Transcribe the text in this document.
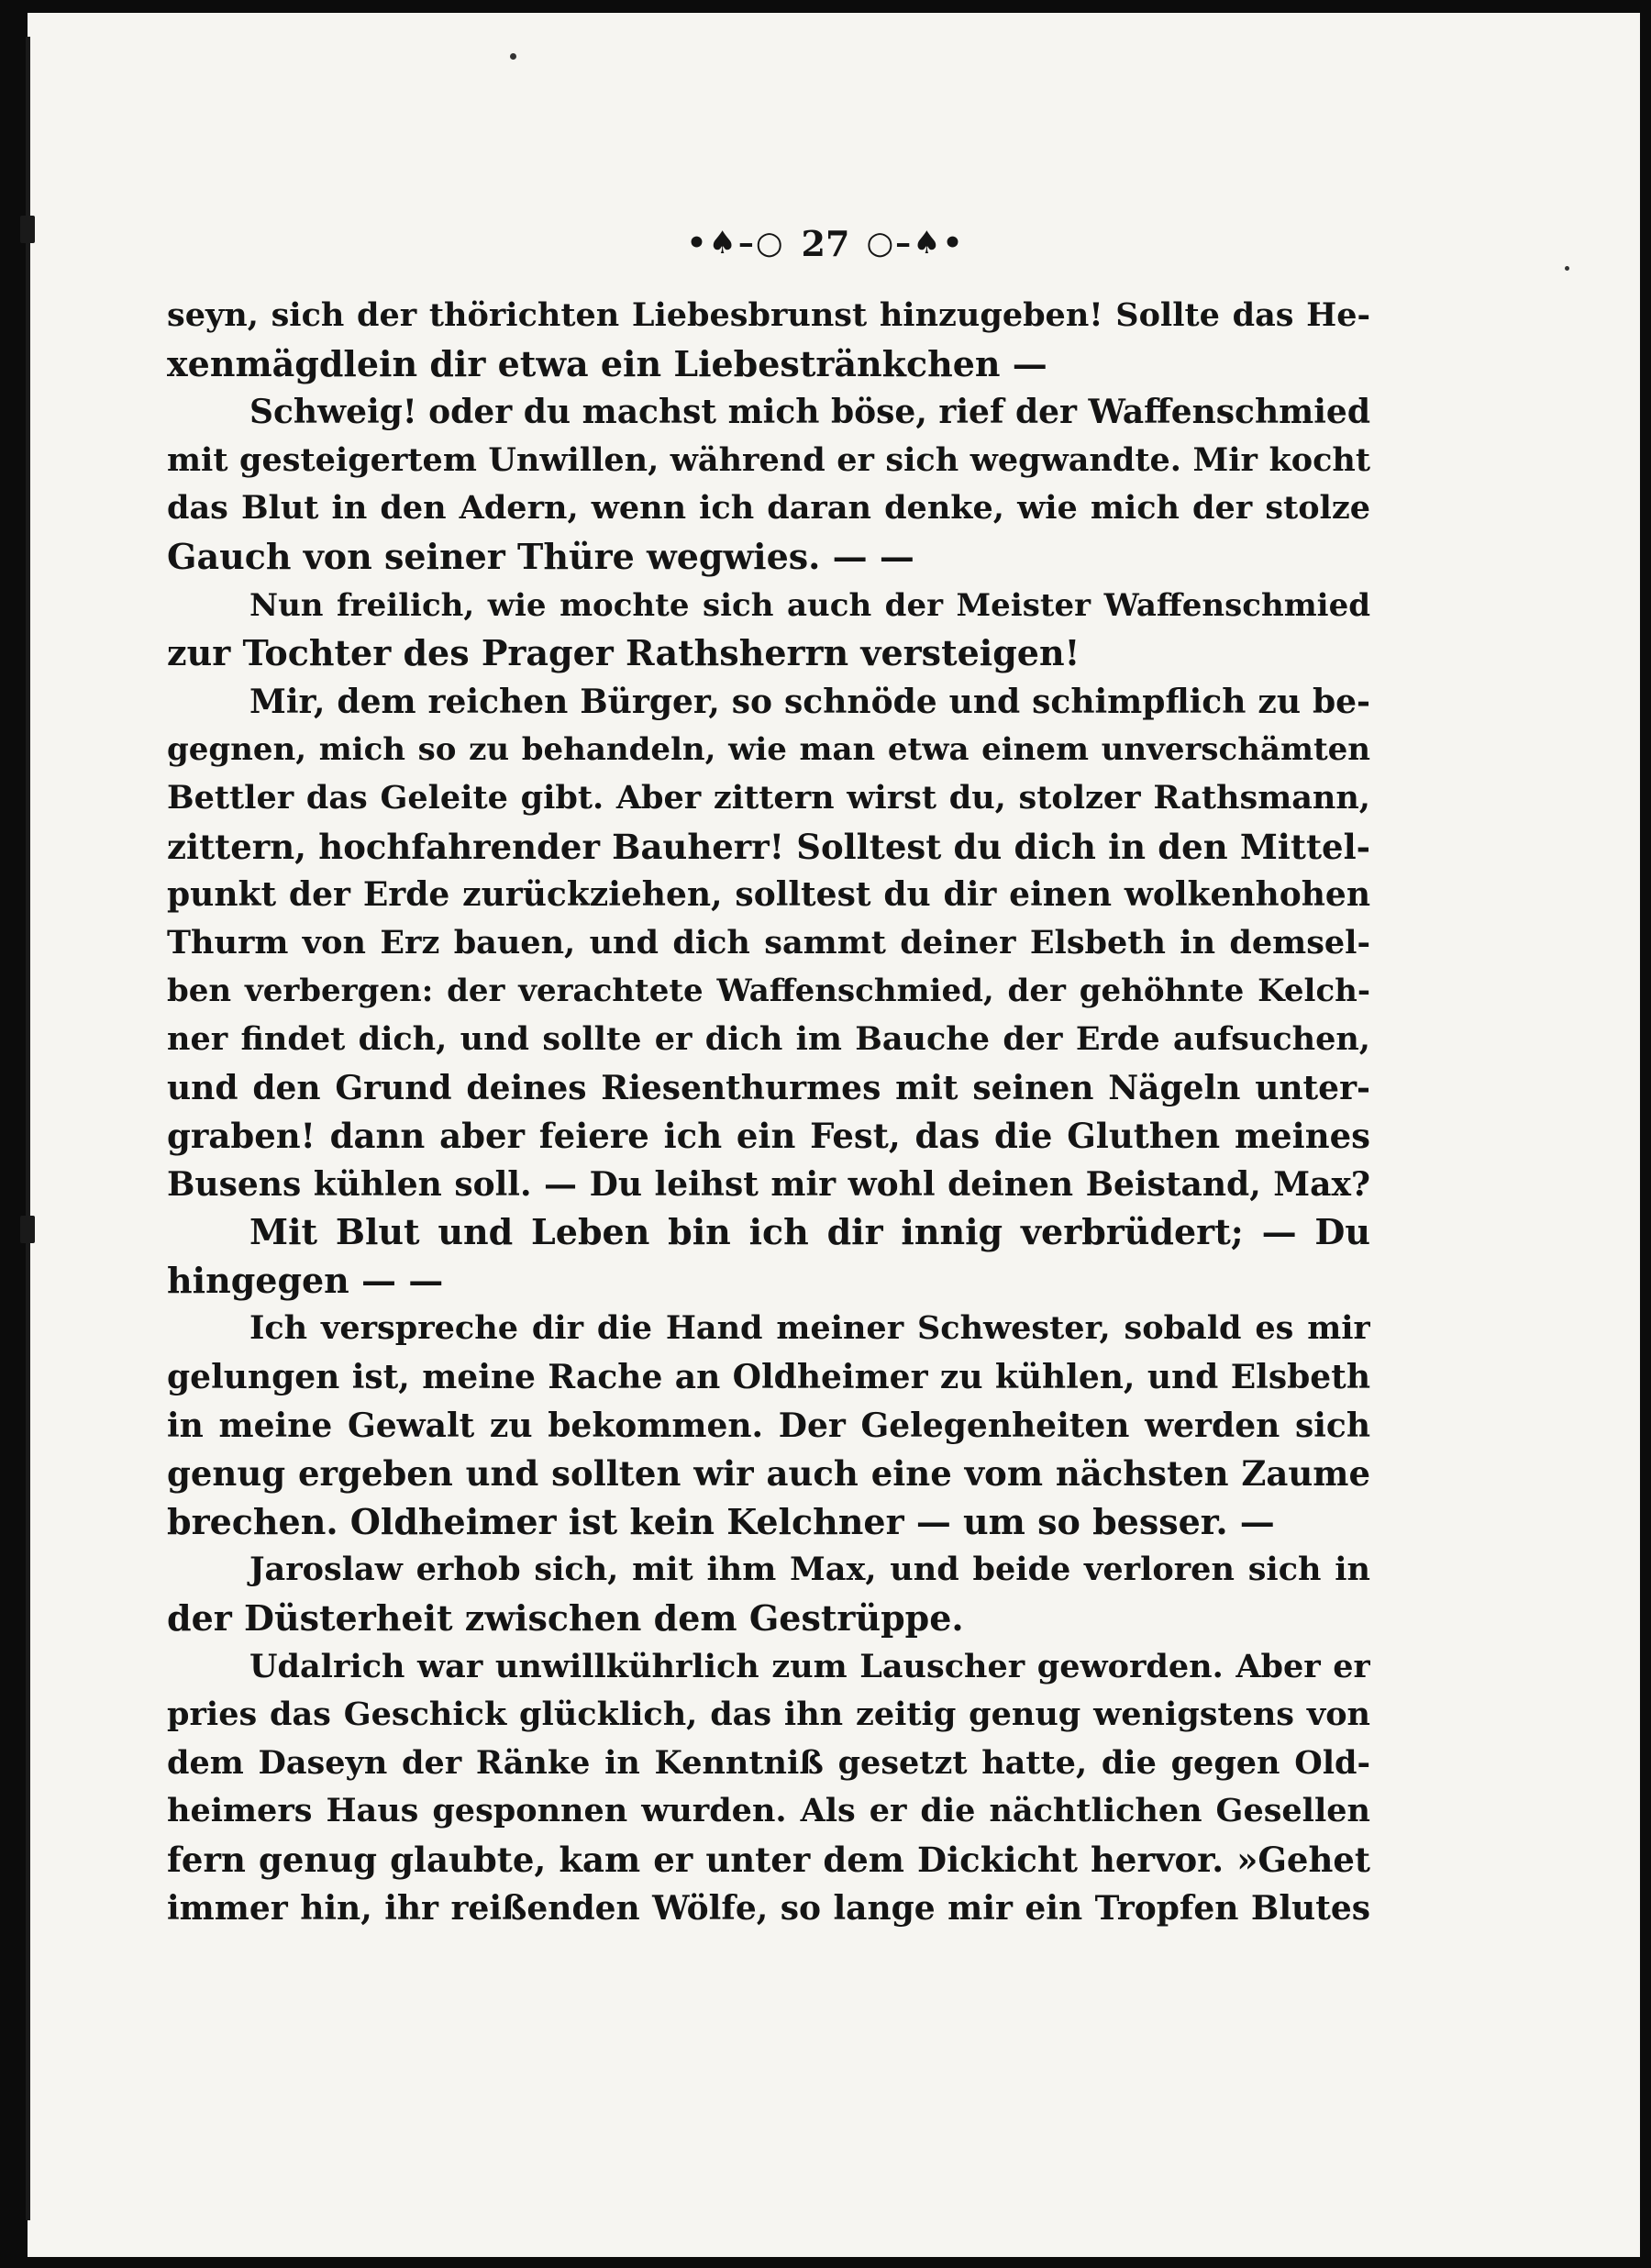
•♠–○ 27 ○–♠•
seyn, sich der thörichten Liebesbrunst hinzugeben! Sollte das He-
xenmägdlein dir etwa ein Liebestränkchen —
Schweig! oder du machst mich böse, rief der Waffenschmied
mit gesteigertem Unwillen, während er sich wegwandte. Mir kocht
das Blut in den Adern, wenn ich daran denke, wie mich der stolze
Gauch von seiner Thüre wegwies. — —
Nun freilich, wie mochte sich auch der Meister Waffenschmied
zur Tochter des Prager Rathsherrn versteigen!
Mir, dem reichen Bürger, so schnöde und schimpflich zu be-
gegnen, mich so zu behandeln, wie man etwa einem unverschämten
Bettler das Geleite gibt. Aber zittern wirst du, stolzer Rathsmann,
zittern, hochfahrender Bauherr! Solltest du dich in den Mittel-
punkt der Erde zurückziehen, solltest du dir einen wolkenhohen
Thurm von Erz bauen, und dich sammt deiner Elsbeth in demsel-
ben verbergen: der verachtete Waffenschmied, der gehöhnte Kelch-
ner findet dich, und sollte er dich im Bauche der Erde aufsuchen,
und den Grund deines Riesenthurmes mit seinen Nägeln unter-
graben! dann aber feiere ich ein Fest, das die Gluthen meines
Busens kühlen soll. — Du leihst mir wohl deinen Beistand, Max?
Mit Blut und Leben bin ich dir innig verbrüdert; — Du
hingegen — —
Ich verspreche dir die Hand meiner Schwester, sobald es mir
gelungen ist, meine Rache an Oldheimer zu kühlen, und Elsbeth
in meine Gewalt zu bekommen. Der Gelegenheiten werden sich
genug ergeben und sollten wir auch eine vom nächsten Zaume
brechen. Oldheimer ist kein Kelchner — um so besser. —
Jaroslaw erhob sich, mit ihm Max, und beide verloren sich in
der Düsterheit zwischen dem Gestrüppe.
Udalrich war unwillkührlich zum Lauscher geworden. Aber er
pries das Geschick glücklich, das ihn zeitig genug wenigstens von
dem Daseyn der Ränke in Kenntniß gesetzt hatte, die gegen Old-
heimers Haus gesponnen wurden. Als er die nächtlichen Gesellen
fern genug glaubte, kam er unter dem Dickicht hervor. »Gehet
immer hin, ihr reißenden Wölfe, so lange mir ein Tropfen Blutes
